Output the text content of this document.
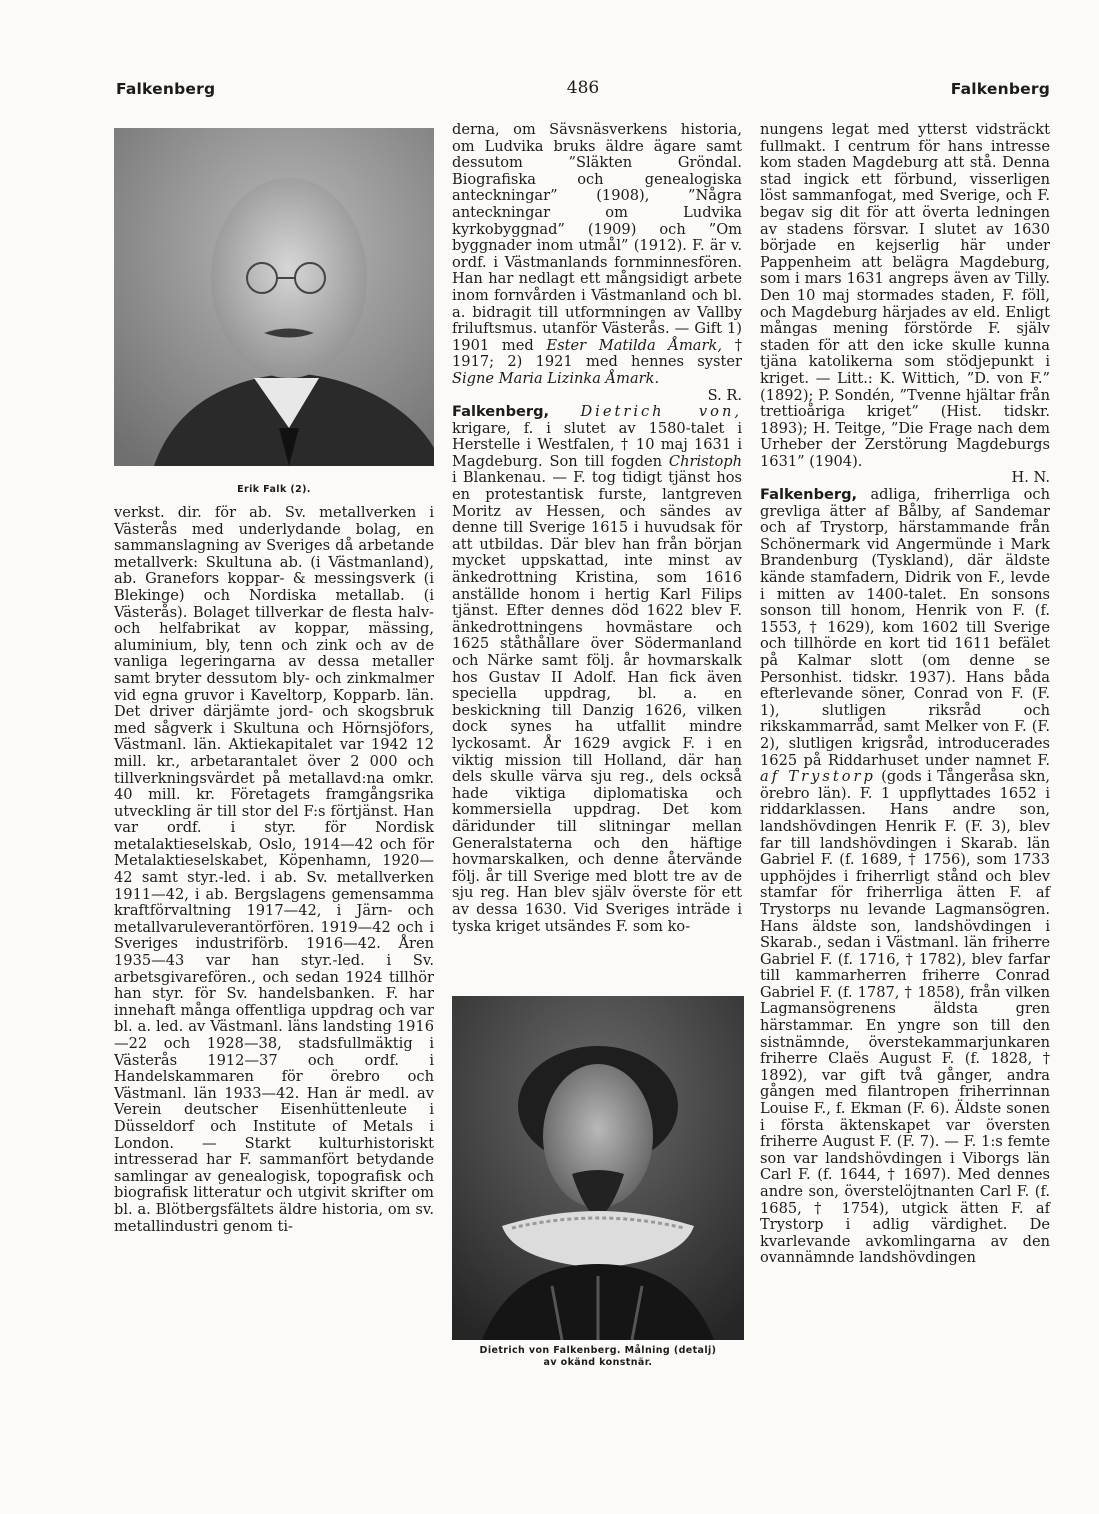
Falkenberg	486	Falkenberg
Erik Falk (2).

verkst. dir. för ab. Sv. metallverken i Västerås med underlydande bolag, en sammanslagning av Sveriges då arbetande metallverk: Skultuna ab. (i Västmanland), ab. Granefors koppar- & messingsverk (i Blekinge) och Nordiska metallab. (i Västerås). Bolaget tillverkar de flesta halv- och helfabrikat av koppar, mässing, aluminium, bly, tenn och zink och av de vanliga legeringarna av dessa metaller samt bryter dessutom bly- och zinkmalmer vid egna gruvor i Kaveltorp, Kopparb. län. Det driver därjämte jord- och skogsbruk med sågverk i Skultuna och Hörnsjöfors, Västmanl. län. Aktiekapitalet var 1942 12 mill. kr., arbetarantalet över 2 000 och tillverkningsvärdet på metallavd:na omkr. 40 mill. kr. Företagets framgångsrika utveckling är till stor del F:s förtjänst. Han var ordf. i styr. för Nordisk metalaktieselskab, Oslo, 1914—42 och för Metalaktieselskabet, Köpenhamn, 1920—42 samt styr.-led. i ab. Sv. metallverken 1911—42, i ab. Bergslagens gemensamma kraftförvaltning 1917—42, i Järn- och metallvaruleverantörfören. 1919—42 och i Sveriges industriförb. 1916—42. Åren 1935—43 var han styr.-led. i Sv. arbetsgivarefören., och sedan 1924 tillhör han styr. för Sv. handelsbanken. F. har innehaft många offentliga uppdrag och var bl. a. led. av Västmanl. läns landsting 1916—22 och 1928—38, stadsfullmäktig i Västerås 1912—37 och ordf. i Handelskammaren för örebro och Västmanl. län 1933—42. Han är medl. av Verein deutscher Eisenhüttenleute i Düsseldorf och Institute of Metals i London. — Starkt kulturhistoriskt intresserad har F. sammanfört betydande samlingar av genealogisk, topografisk och biografisk litteratur och utgivit skrifter om bl. a. Blötbergsfältets äldre historia, om sv. metallindustri genom ti-

derna, om Sävsnäsverkens historia, om Ludvika bruks äldre ägare samt dessutom ”Släkten Gröndal. Biografiska och genealogiska anteckningar” (1908), ”Några anteckningar om Ludvika kyrkobyggnad” (1909) och ”Om byggnader inom utmål” (1912). F. är v. ordf. i Västmanlands fornminnesfören. Han har nedlagt ett mångsidigt arbete inom fornvården i Västmanland och bl. a. bidragit till utformningen av Vallby friluftsmus. utanför Västerås. — Gift 1) 1901 med Ester Matilda Åmark, † 1917; 2) 1921 med hennes syster Signe Maria Lizinka Åmark.

S. R.

Falkenberg, Dietrich von, krigare, f. i slutet av 1580-talet i Herstelle i Westfalen, † 10 maj 1631 i Magdeburg. Son till fogden Christoph i Blankenau. — F. tog tidigt tjänst hos en protestantisk furste, lantgreven Moritz av Hessen, och sändes av denne till Sverige 1615 i huvudsak för att utbildas. Där blev han från början mycket uppskattad, inte minst av änkedrottning Kristina, som 1616 anställde honom i hertig Karl Filips tjänst. Efter dennes död 1622 blev F. änkedrottningens hovmästare och 1625 ståthållare över Södermanland och Närke samt följ. år hovmarskalk hos Gustav II Adolf. Han fick även speciella uppdrag, bl. a. en beskickning till Danzig 1626, vilken dock synes ha utfallit mindre lyckosamt. År 1629 avgick F. i en viktig mission till Holland, där han dels skulle värva sju reg., dels också hade viktiga diplomatiska och kommersiella uppdrag. Det kom däridunder till slitningar mellan Generalstaterna och den häftige hovmarskalken, och denne återvände följ. år till Sverige med blott tre av de sju reg. Han blev själv överste för ett av dessa 1630. Vid Sveriges inträde i tyska kriget utsändes F. som ko-

Dietrich von Falkenberg. Målning (detalj)
av okänd konstnär.

nungens legat med ytterst vidsträckt fullmakt. I centrum för hans intresse kom staden Magdeburg att stå. Denna stad ingick ett förbund, visserligen löst sammanfogat, med Sverige, och F. begav sig dit för att överta ledningen av stadens försvar. I slutet av 1630 började en kejserlig här under Pappenheim att belägra Magdeburg, som i mars 1631 angreps även av Tilly. Den 10 maj stormades staden, F. föll, och Magdeburg härjades av eld. Enligt mångas mening förstörde F. själv staden för att den icke skulle kunna tjäna katolikerna som stödjepunkt i kriget. — Litt.: K. Wittich, ”D. von F.” (1892); P. Sondén, ”Tvenne hjältar från trettioåriga kriget” (Hist. tidskr. 1893); H. Teitge, ”Die Frage nach dem Urheber der Zerstörung Magdeburgs 1631” (1904).

H. N.

Falkenberg, adliga, friherrliga och grevliga ätter af Bålby, af Sandemar och af Trystorp, härstammande från Schönermark vid Angermünde i Mark Brandenburg (Tyskland), där äldste kände stamfadern, Didrik von F., levde i mitten av 1400-talet. En sonsons sonson till honom, Henrik von F. (f. 1553, † 1629), kom 1602 till Sverige och tillhörde en kort tid 1611 befälet på Kalmar slott (om denne se Personhist. tidskr. 1937). Hans båda efterlevande söner, Conrad von F. (F. 1), slutligen riksråd och rikskammarråd, samt Melker von F. (F. 2), slutligen krigsråd, introducerades 1625 på Riddarhuset under namnet F. af Trystorp (gods i Tångeråsa skn, örebro län). F. 1 uppflyttades 1652 i riddarklassen. Hans andre son, landshövdingen Henrik F. (F. 3), blev far till landshövdingen i Skarab. län Gabriel F. (f. 1689, † 1756), som 1733 upphöjdes i friherrligt stånd och blev stamfar för friherrliga ätten F. af Trystorps nu levande Lagmansögren. Hans äldste son, landshövdingen i Skarab., sedan i Västmanl. län friherre Gabriel F. (f. 1716, † 1782), blev farfar till kammarherren friherre Conrad Gabriel F. (f. 1787, † 1858), från vilken Lagmansögrenens äldsta gren härstammar. En yngre son till den sistnämnde, överstekammarjunkaren friherre Claës August F. (f. 1828, † 1892), var gift två gånger, andra gången med filantropen friherrinnan Louise F., f. Ekman (F. 6). Äldste sonen i första äktenskapet var översten friherre August F. (F. 7). — F. 1:s femte son var landshövdingen i Viborgs län Carl F. (f. 1644, † 1697). Med dennes andre son, överstelöjtnanten Carl F. (f. 1685, † 1754), utgick ätten F. af Trystorp i adlig värdighet. De kvarlevande avkomlingarna av den ovannämnde landshövdingen
